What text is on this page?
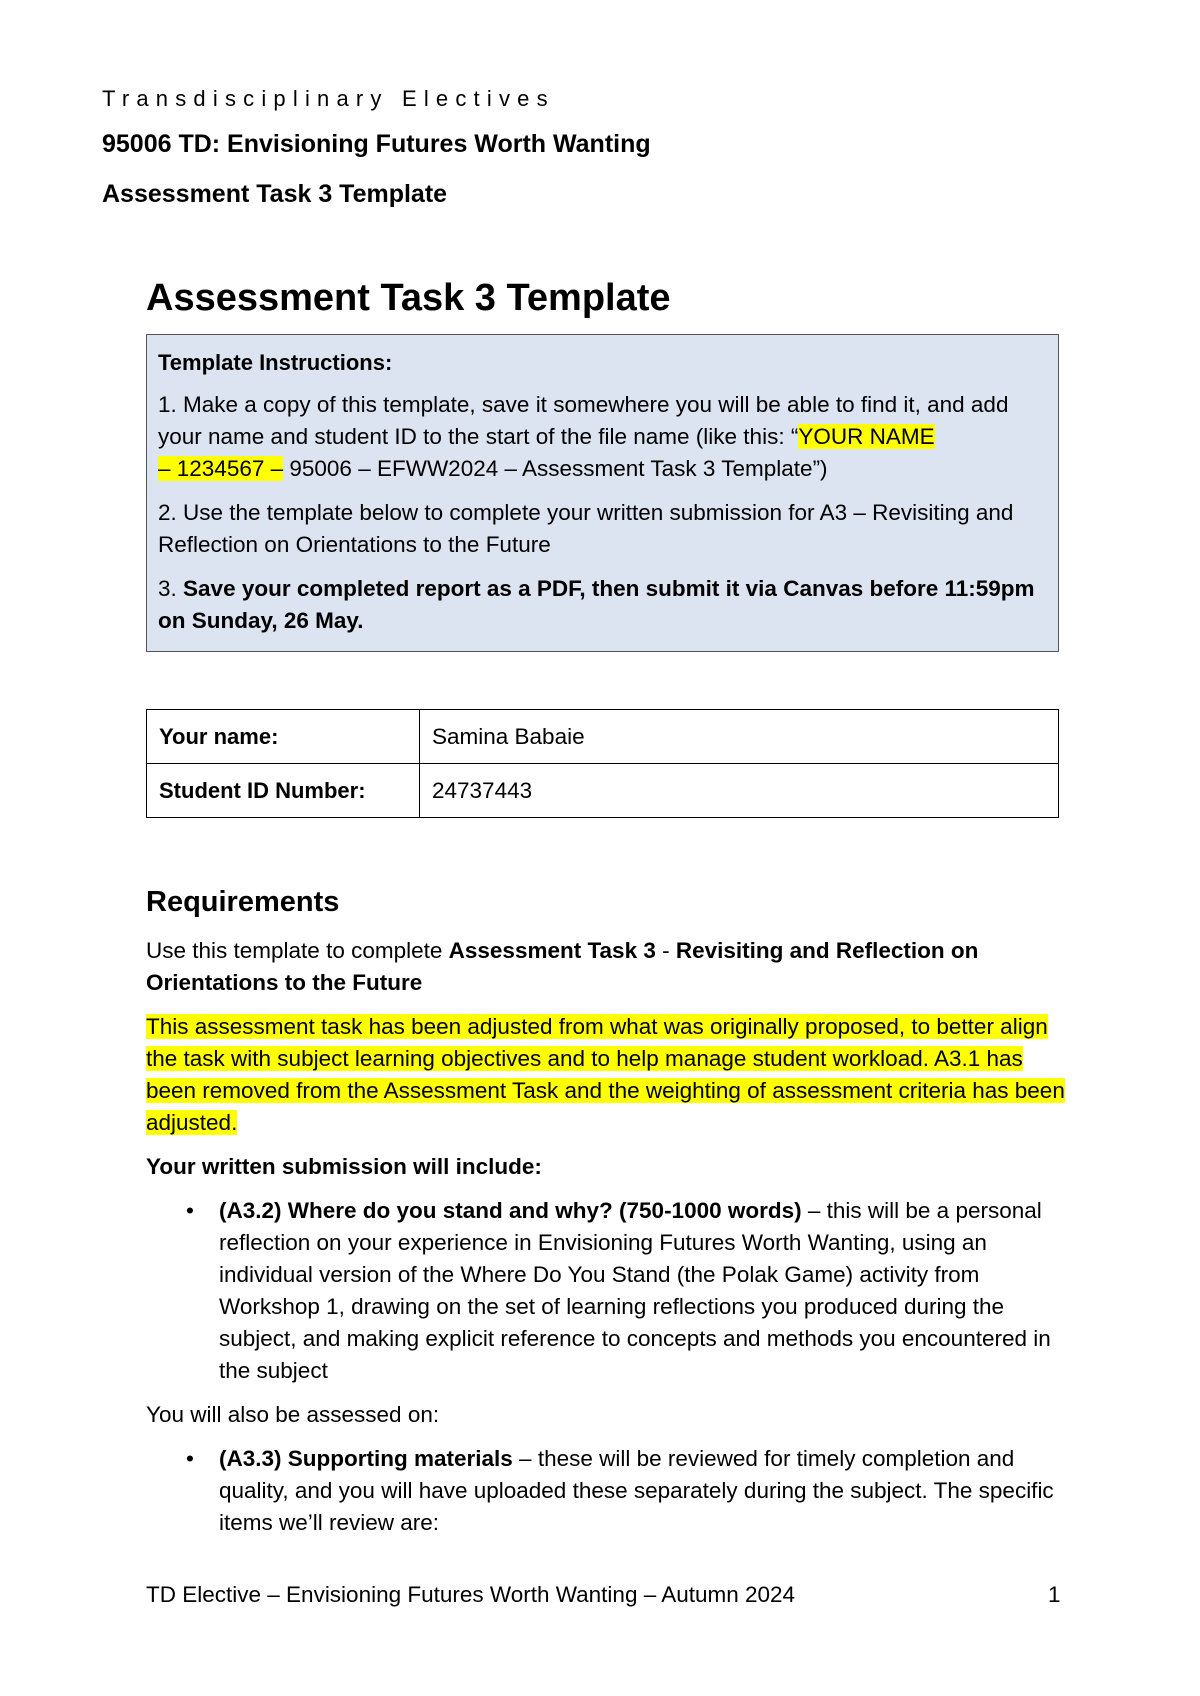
Transdisciplinary Electives
95006 TD: Envisioning Futures Worth Wanting
Assessment Task 3 Template
Assessment Task 3 Template

Template Instructions:

1. Make a copy of this template, save it somewhere you will be able to find it, and add your name and student ID to the start of the file name (like this: “YOUR NAME
– 1234567 – 95006 – EFWW2024 – Assessment Task 3 Template”)

2. Use the template below to complete your written submission for A3 – Revisiting and Reflection on Orientations to the Future

3. Save your completed report as a PDF, then submit it via Canvas before 11:59pm on Sunday, 26 May.

Your name:	Samina Babaie
Student ID Number:	24737443
Requirements

Use this template to complete Assessment Task 3 - Revisiting and Reflection on Orientations to the Future

This assessment task has been adjusted from what was originally proposed, to better align the task with subject learning objectives and to help manage student workload. A3.1 has been removed from the Assessment Task and the weighting of assessment criteria has been adjusted.

Your written submission will include:

• (A3.2) Where do you stand and why? (750-1000 words) – this will be a personal reflection on your experience in Envisioning Futures Worth Wanting, using an individual version of the Where Do You Stand (the Polak Game) activity from Workshop 1, drawing on the set of learning reflections you produced during the subject, and making explicit reference to concepts and methods you encountered in the subject

You will also be assessed on:

• (A3.3) Supporting materials – these will be reviewed for timely completion and quality, and you will have uploaded these separately during the subject. The specific items we’ll review are:
TD Elective – Envisioning Futures Worth Wanting – Autumn 2024	1
